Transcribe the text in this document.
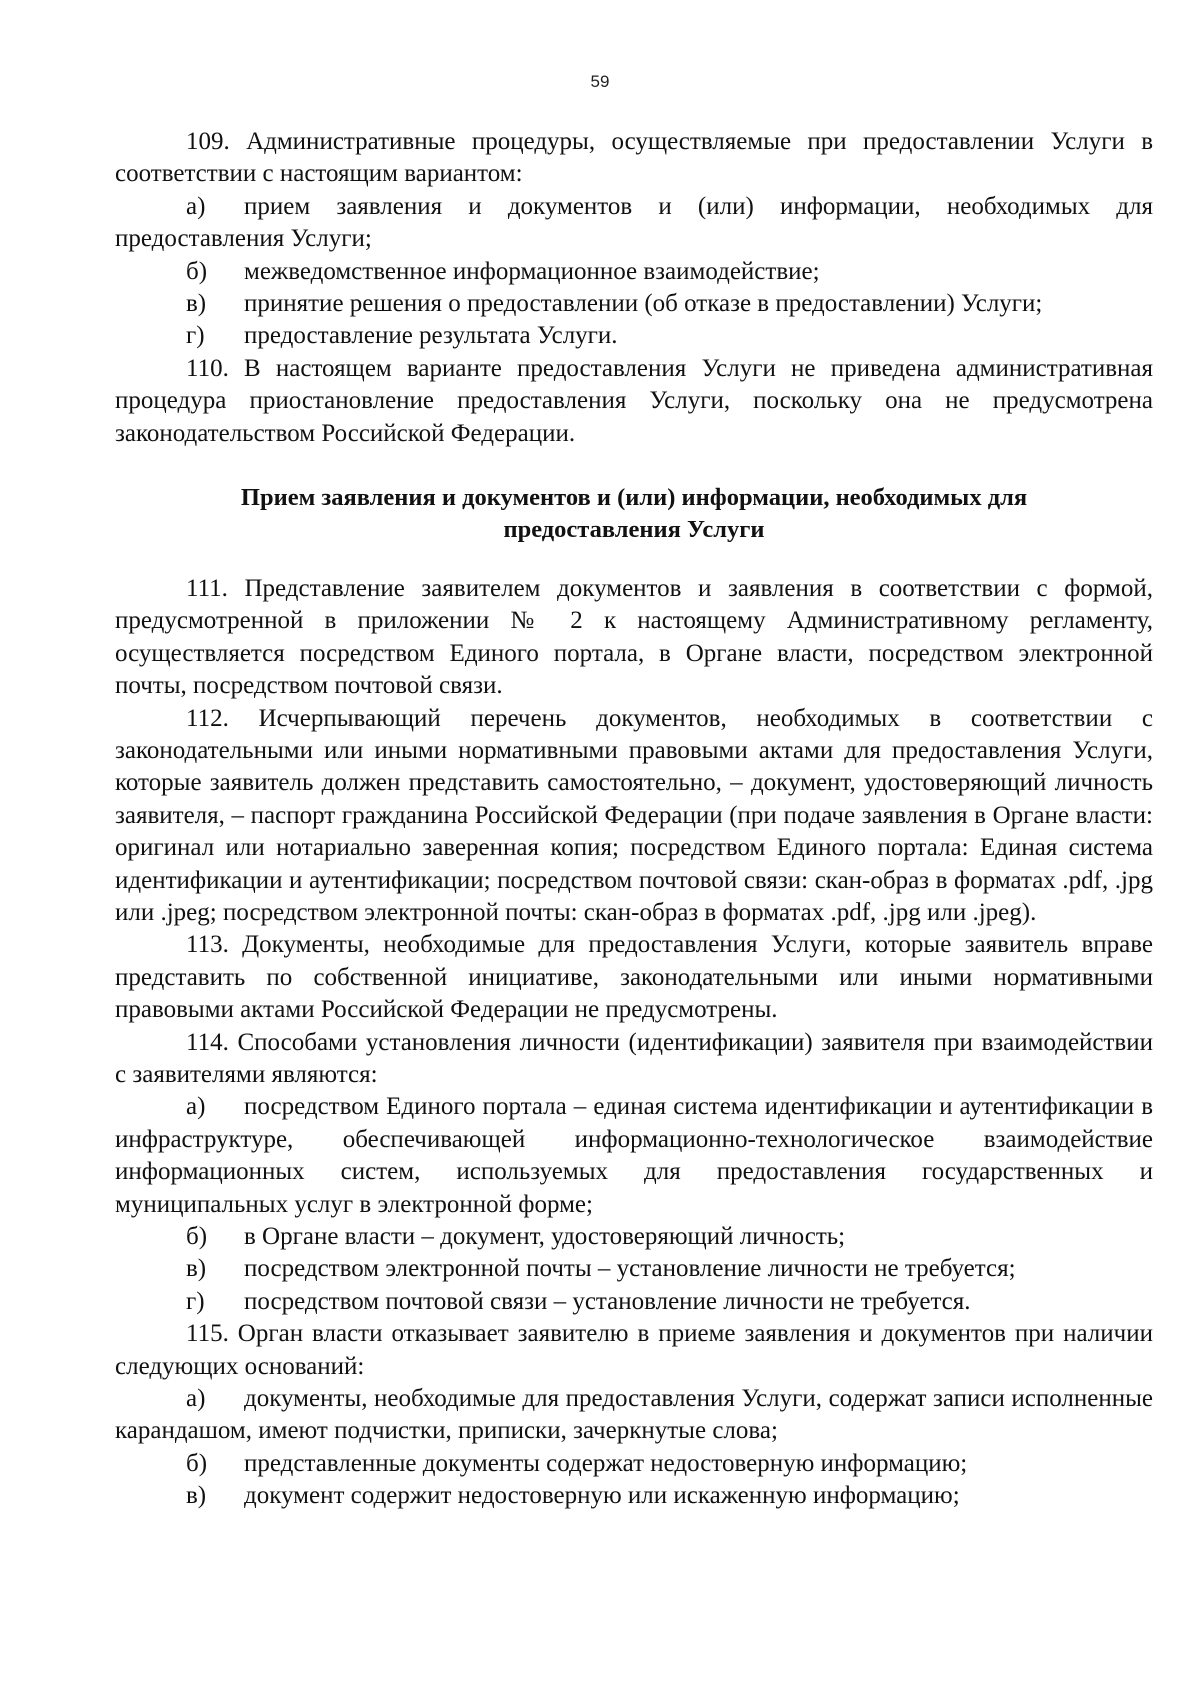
59

109. Административные процедуры, осуществляемые при предоставлении Услуги в соответствии с настоящим вариантом:

а) прием заявления и документов и (или) информации, необходимых для предоставления Услуги;

б) межведомственное информационное взаимодействие;

в) принятие решения о предоставлении (об отказе в предоставлении) Услуги;

г) предоставление результата Услуги.

110. В настоящем варианте предоставления Услуги не приведена административная процедура приостановление предоставления Услуги, поскольку она не предусмотрена законодательством Российской Федерации.

Прием заявления и документов и (или) информации, необходимых для
предоставления Услуги

111. Представление заявителем документов и заявления в соответствии с формой, предусмотренной в приложении № 2 к настоящему Административному регламенту, осуществляется посредством Единого портала, в Органе власти, посредством электронной почты, посредством почтовой связи.

112. Исчерпывающий перечень документов, необходимых в соответствии с законодательными или иными нормативными правовыми актами для предоставления Услуги, которые заявитель должен представить самостоятельно, – документ, удостоверяющий личность заявителя, – паспорт гражданина Российской Федерации (при подаче заявления в Органе власти: оригинал или нотариально заверенная копия; посредством Единого портала: Единая система идентификации и аутентификации; посредством почтовой связи: скан-образ в форматах .pdf, .jpg или .jpeg; посредством электронной почты: скан-образ в форматах .pdf, .jpg или .jpeg).

113. Документы, необходимые для предоставления Услуги, которые заявитель вправе представить по собственной инициативе, законодательными или иными нормативными правовыми актами Российской Федерации не предусмотрены.

114. Способами установления личности (идентификации) заявителя при взаимодействии с заявителями являются:

а) посредством Единого портала – единая система идентификации и аутентификации в инфраструктуре, обеспечивающей информационно-технологическое взаимодействие информационных систем, используемых для предоставления государственных и муниципальных услуг в электронной форме;

б) в Органе власти – документ, удостоверяющий личность;

в) посредством электронной почты – установление личности не требуется;

г) посредством почтовой связи – установление личности не требуется.

115. Орган власти отказывает заявителю в приеме заявления и документов при наличии следующих оснований:

а) документы, необходимые для предоставления Услуги, содержат записи исполненные карандашом, имеют подчистки, приписки, зачеркнутые слова;

б) представленные документы содержат недостоверную информацию;

в) документ содержит недостоверную или искаженную информацию;
